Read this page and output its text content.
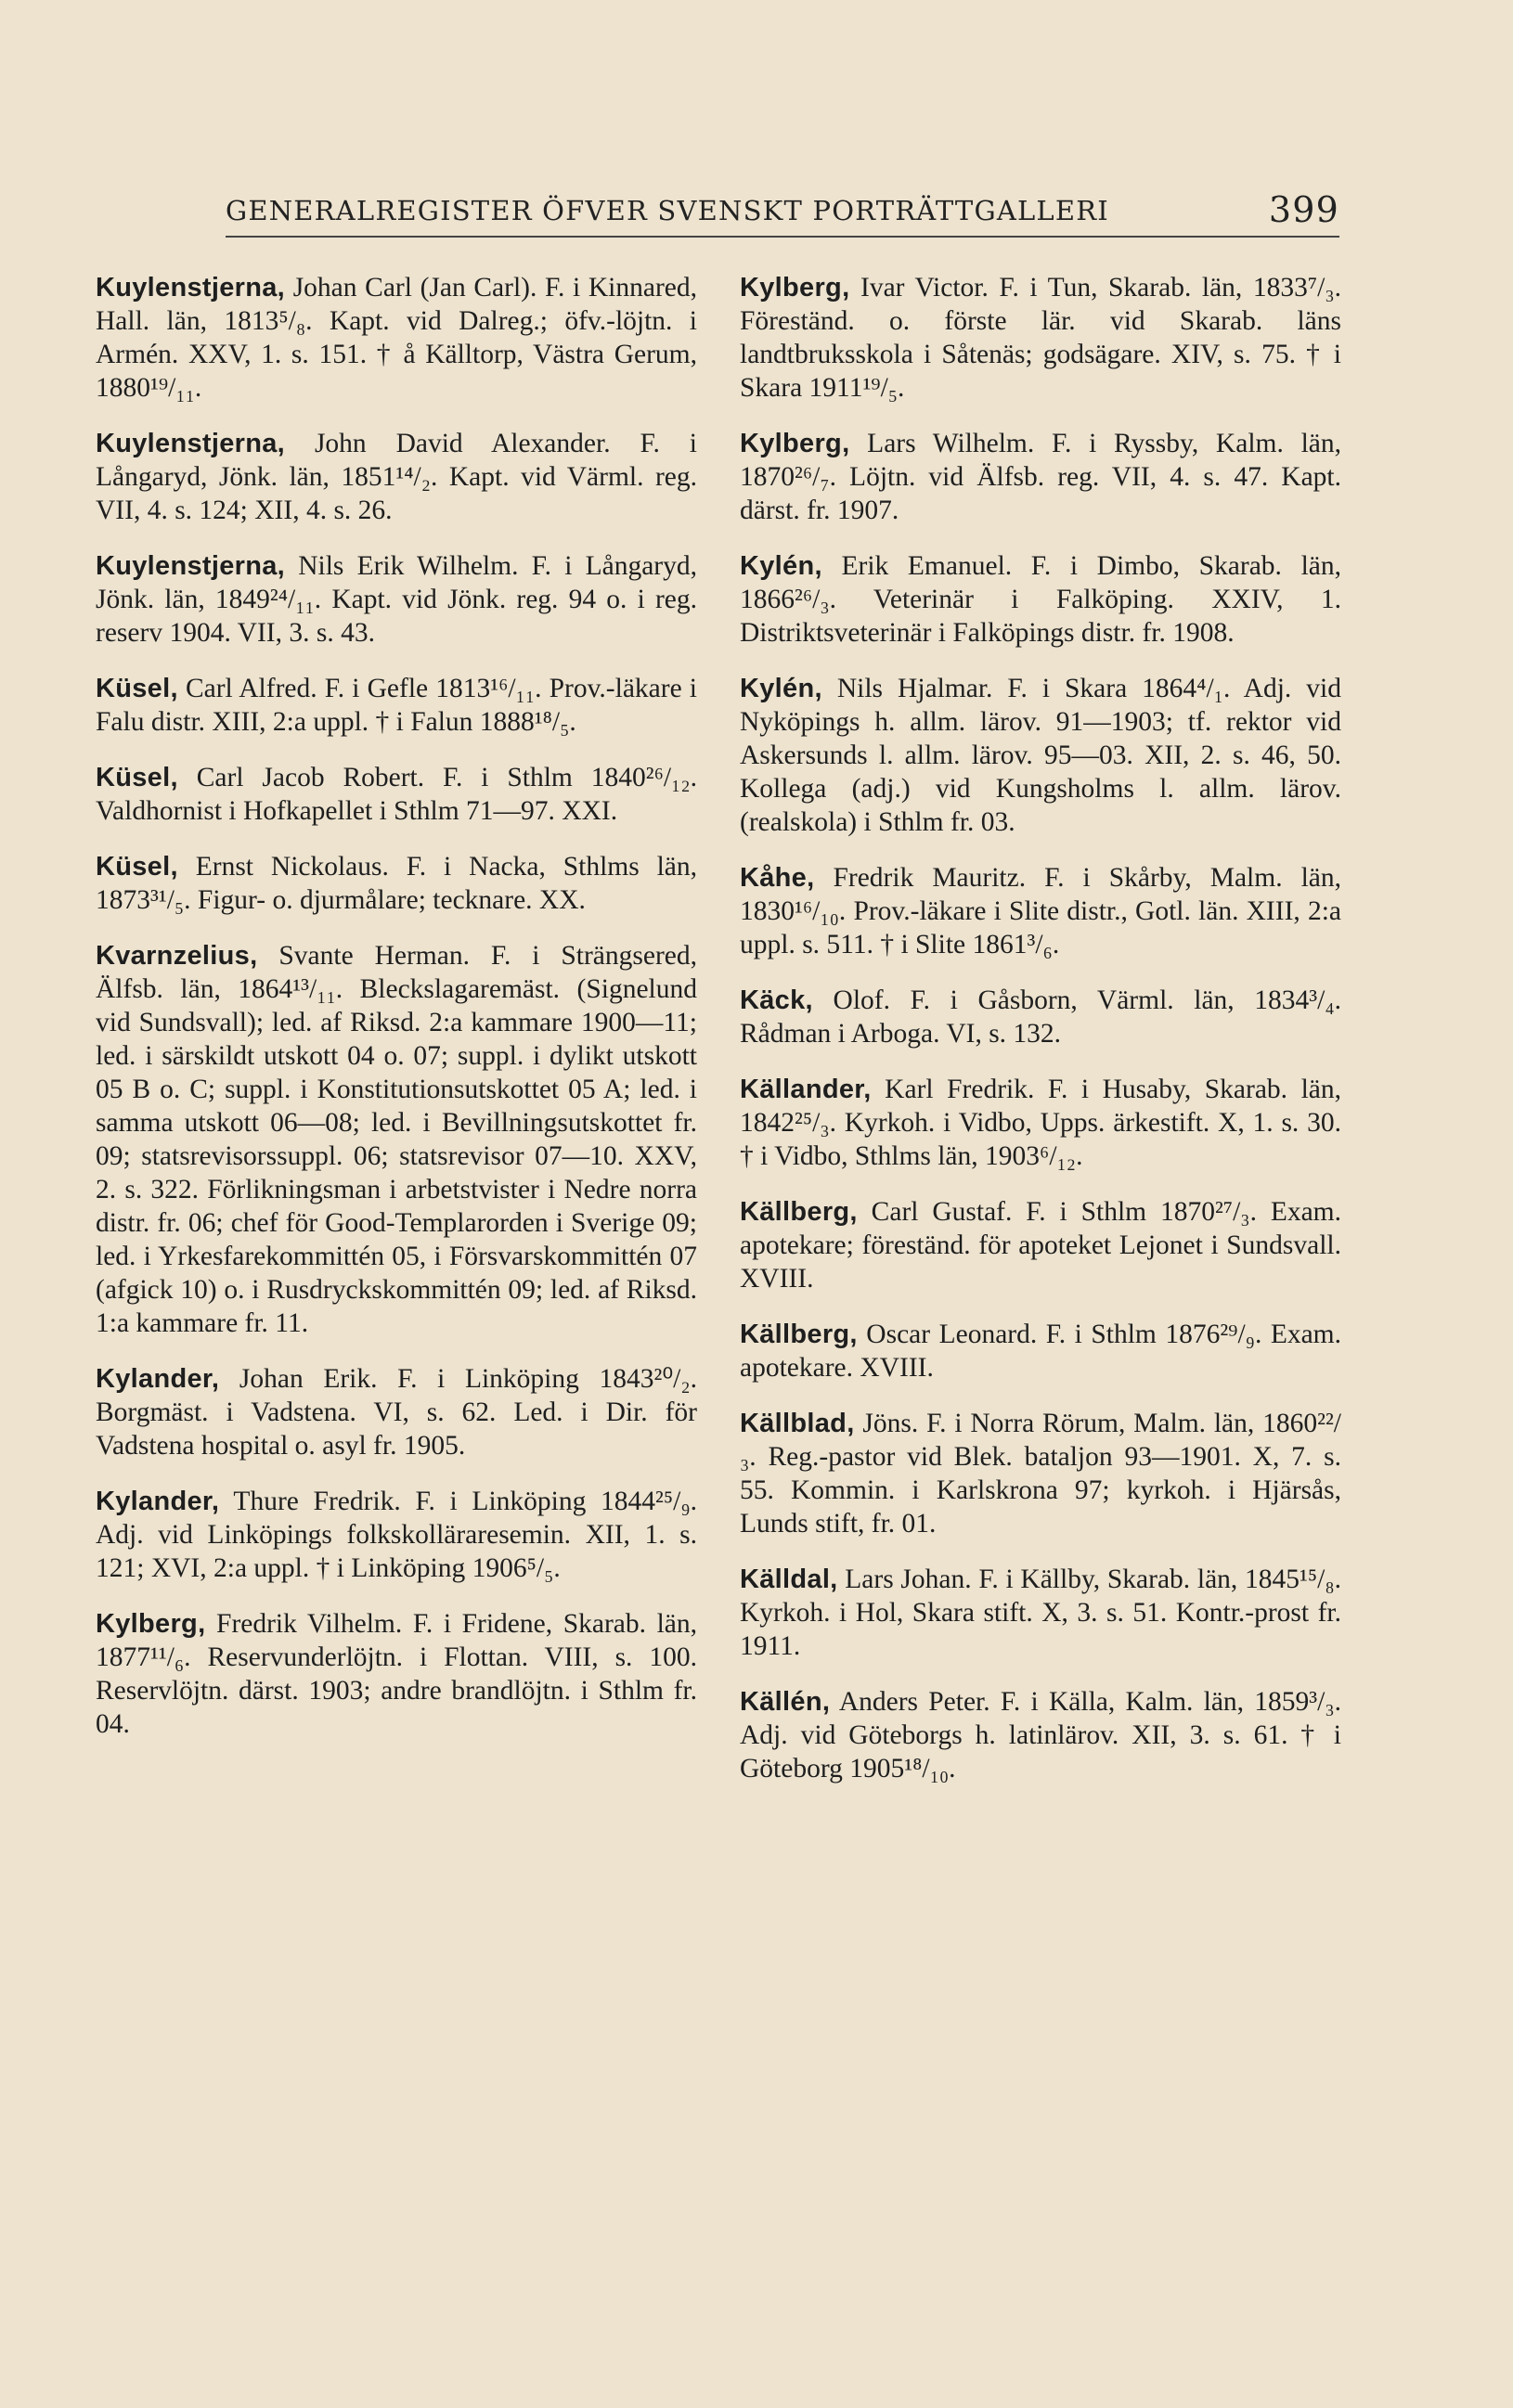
GENERALREGISTER ÖFVER SVENSKT PORTRÄTTGALLERI	399

Kuylenstjerna, Johan Carl (Jan Carl). F. i Kinnared, Hall. län, 1813⁵/₈. Kapt. vid Dalreg.; öfv.-löjtn. i Armén. XXV, 1. s. 151. † å Källtorp, Västra Gerum, 1880¹⁹/₁₁.

Kuylenstjerna, John David Alexander. F. i Långaryd, Jönk. län, 1851¹⁴/₂. Kapt. vid Värml. reg. VII, 4. s. 124; XII, 4. s. 26.

Kuylenstjerna, Nils Erik Wilhelm. F. i Långaryd, Jönk. län, 1849²⁴/₁₁. Kapt. vid Jönk. reg. 94 o. i reg. reserv 1904. VII, 3. s. 43.

Küsel, Carl Alfred. F. i Gefle 1813¹⁶/₁₁. Prov.-läkare i Falu distr. XIII, 2:a uppl. † i Falun 1888¹⁸/₅.

Küsel, Carl Jacob Robert. F. i Sthlm 1840²⁶/₁₂. Valdhornist i Hofkapellet i Sthlm 71—97. XXI.

Küsel, Ernst Nickolaus. F. i Nacka, Sthlms län, 1873³¹/₅. Figur- o. djurmålare; tecknare. XX.

Kvarnzelius, Svante Herman. F. i Strängsered, Älfsb. län, 1864¹³/₁₁. Bleckslagaremäst. (Signelund vid Sundsvall); led. af Riksd. 2:a kammare 1900—11; led. i särskildt utskott 04 o. 07; suppl. i dylikt utskott 05 B o. C; suppl. i Konstitutionsutskottet 05 A; led. i samma utskott 06—08; led. i Bevillningsutskottet fr. 09; statsrevisorssuppl. 06; statsrevisor 07—10. XXV, 2. s. 322. Förlikningsman i arbetstvister i Nedre norra distr. fr. 06; chef för Good-Templarorden i Sverige 09; led. i Yrkesfarekommittén 05, i Försvarskommittén 07 (afgick 10) o. i Rusdryckskommittén 09; led. af Riksd. 1:a kammare fr. 11.

Kylander, Johan Erik. F. i Linköping 1843²⁰/₂. Borgmäst. i Vadstena. VI, s. 62. Led. i Dir. för Vadstena hospital o. asyl fr. 1905.

Kylander, Thure Fredrik. F. i Linköping 1844²⁵/₉. Adj. vid Linköpings folkskolläraresemin. XII, 1. s. 121; XVI, 2:a uppl. † i Linköping 1906⁵/₅.

Kylberg, Fredrik Vilhelm. F. i Fridene, Skarab. län, 1877¹¹/₆. Reservunderlöjtn. i Flottan. VIII, s. 100. Reservlöjtn. därst. 1903; andre brandlöjtn. i Sthlm fr. 04.

Kylberg, Ivar Victor. F. i Tun, Skarab. län, 1833⁷/₃. Föreständ. o. förste lär. vid Skarab. läns landtbruksskola i Såtenäs; godsägare. XIV, s. 75. † i Skara 1911¹⁹/₅.

Kylberg, Lars Wilhelm. F. i Ryssby, Kalm. län, 1870²⁶/₇. Löjtn. vid Älfsb. reg. VII, 4. s. 47. Kapt. därst. fr. 1907.

Kylén, Erik Emanuel. F. i Dimbo, Skarab. län, 1866²⁶/₃. Veterinär i Falköping. XXIV, 1. Distriktsveterinär i Falköpings distr. fr. 1908.

Kylén, Nils Hjalmar. F. i Skara 1864⁴/₁. Adj. vid Nyköpings h. allm. lärov. 91—1903; tf. rektor vid Askersunds l. allm. lärov. 95—03. XII, 2. s. 46, 50. Kollega (adj.) vid Kungsholms l. allm. lärov. (realskola) i Sthlm fr. 03.

Kåhe, Fredrik Mauritz. F. i Skårby, Malm. län, 1830¹⁶/₁₀. Prov.-läkare i Slite distr., Gotl. län. XIII, 2:a uppl. s. 511. † i Slite 1861³/₆.

Käck, Olof. F. i Gåsborn, Värml. län, 1834³/₄. Rådman i Arboga. VI, s. 132.

Källander, Karl Fredrik. F. i Husaby, Skarab. län, 1842²⁵/₃. Kyrkoh. i Vidbo, Upps. ärkestift. X, 1. s. 30. † i Vidbo, Sthlms län, 1903⁶/₁₂.

Källberg, Carl Gustaf. F. i Sthlm 1870²⁷/₃. Exam. apotekare; föreständ. för apoteket Lejonet i Sundsvall. XVIII.

Källberg, Oscar Leonard. F. i Sthlm 1876²⁹/₉. Exam. apotekare. XVIII.

Källblad, Jöns. F. i Norra Rörum, Malm. län, 1860²²/₃. Reg.-pastor vid Blek. bataljon 93—1901. X, 7. s. 55. Kommin. i Karlskrona 97; kyrkoh. i Hjärsås, Lunds stift, fr. 01.

Källdal, Lars Johan. F. i Källby, Skarab. län, 1845¹⁵/₈. Kyrkoh. i Hol, Skara stift. X, 3. s. 51. Kontr.-prost fr. 1911.

Källén, Anders Peter. F. i Källa, Kalm. län, 1859³/₃. Adj. vid Göteborgs h. latinlärov. XII, 3. s. 61. † i Göteborg 1905¹⁸/₁₀.
